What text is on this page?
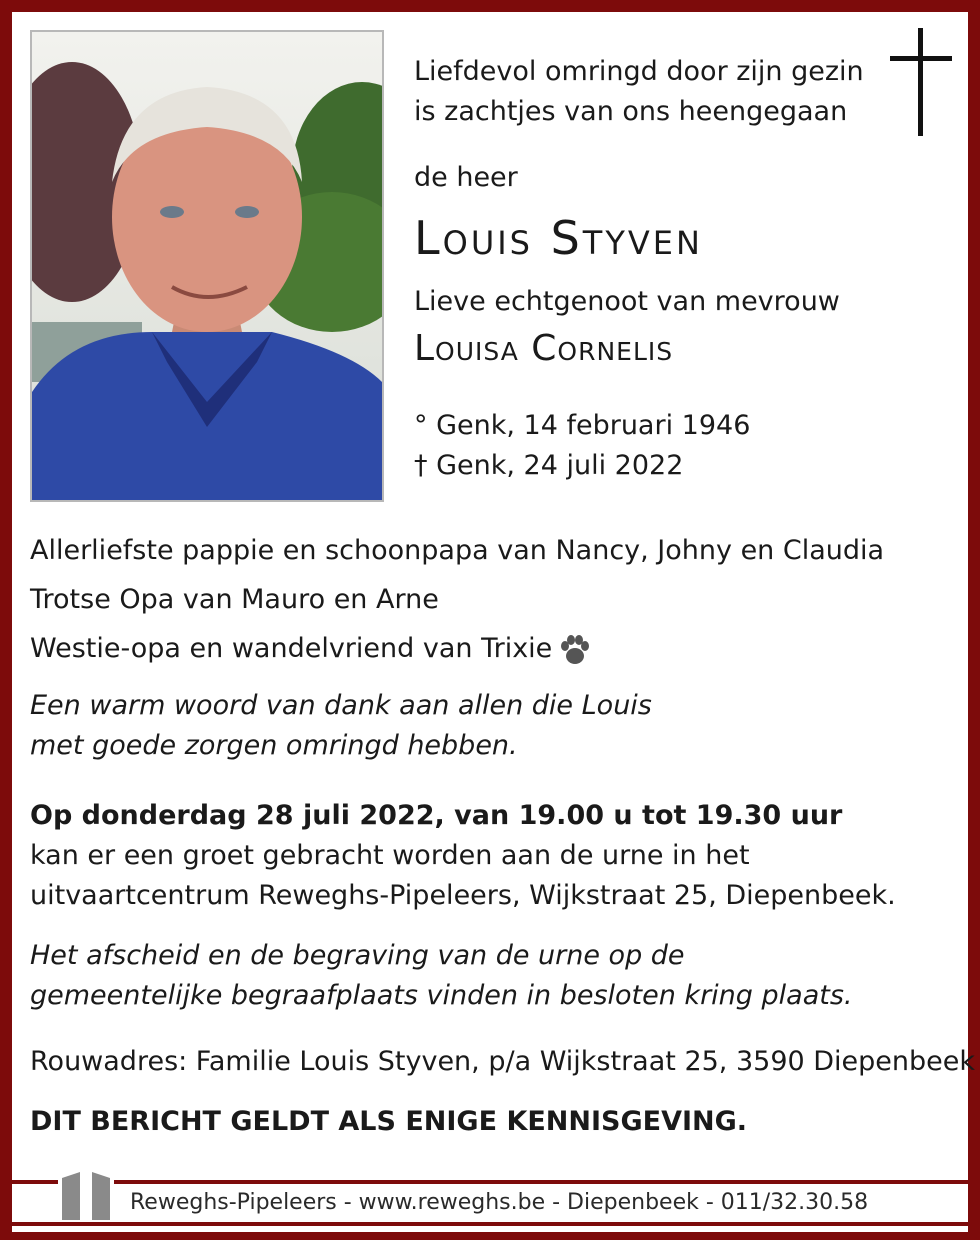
Liefdevol omringd door zijn gezin
is zachtjes van ons heengegaan
de heer
Louis Styven
Lieve echtgenoot van mevrouw
Louisa Cornelis
° Genk, 14 februari 1946
† Genk, 24 juli 2022
Allerliefste pappie en schoonpapa van Nancy, Johny en Claudia
Trotse Opa van Mauro en Arne
Westie-opa en wandelvriend van Trixie
Een warm woord van dank aan allen die Louis
met goede zorgen omringd hebben.
Op donderdag 28 juli 2022, van 19.00 u tot 19.30 uur
kan er een groet gebracht worden aan de urne in het
uitvaartcentrum Reweghs-Pipeleers, Wijkstraat 25, Diepenbeek.
Het afscheid en de begraving van de urne op de
gemeentelijke begraafplaats vinden in besloten kring plaats.
Rouwadres: Familie Louis Styven, p/a Wijkstraat 25, 3590 Diepenbeek
DIT BERICHT GELDT ALS ENIGE KENNISGEVING.
Reweghs-Pipeleers - www.reweghs.be - Diepenbeek - 011/32.30.58
